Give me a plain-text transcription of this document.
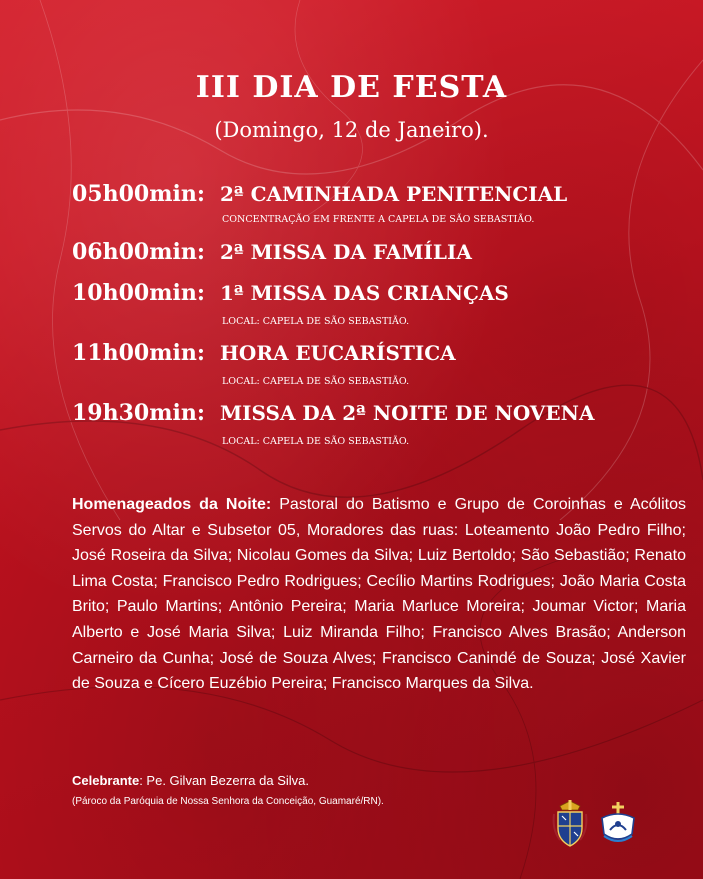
III DIA DE FESTA
(Domingo, 12 de Janeiro).
05h00min: 2ª CAMINHADA PENITENCIAL
CONCENTRAÇÃO EM FRENTE A CAPELA DE SÃO SEBASTIÃO.
06h00min: 2ª MISSA DA FAMÍLIA
10h00min: 1ª MISSA DAS CRIANÇAS
LOCAL: CAPELA DE SÃO SEBASTIÃO.
11h00min: HORA EUCARÍSTICA
LOCAL: CAPELA DE SÃO SEBASTIÃO.
19h30min: MISSA DA 2ª NOITE DE NOVENA
LOCAL: CAPELA DE SÃO SEBASTIÃO.
Homenageados da Noite: Pastoral do Batismo e Grupo de Coroinhas e Acólitos Servos do Altar e Subsetor 05, Moradores das ruas: Loteamento João Pedro Filho; José Roseira da Silva; Nicolau Gomes da Silva; Luiz Bertoldo; São Sebastião; Renato Lima Costa; Francisco Pedro Rodrigues; Cecílio Martins Rodrigues; João Maria Costa Brito; Paulo Martins; Antônio Pereira; Maria Marluce Moreira; Joumar Victor; Maria Alberto e José Maria Silva; Luiz Miranda Filho; Francisco Alves Brasão; Anderson Carneiro da Cunha; José de Souza Alves; Francisco Canindé de Souza; José Xavier de Souza e Cícero Euzébio Pereira; Francisco Marques da Silva.
Celebrante: Pe. Gilvan Bezerra da Silva.
(Pároco da Paróquia de Nossa Senhora da Conceição, Guamaré/RN).
